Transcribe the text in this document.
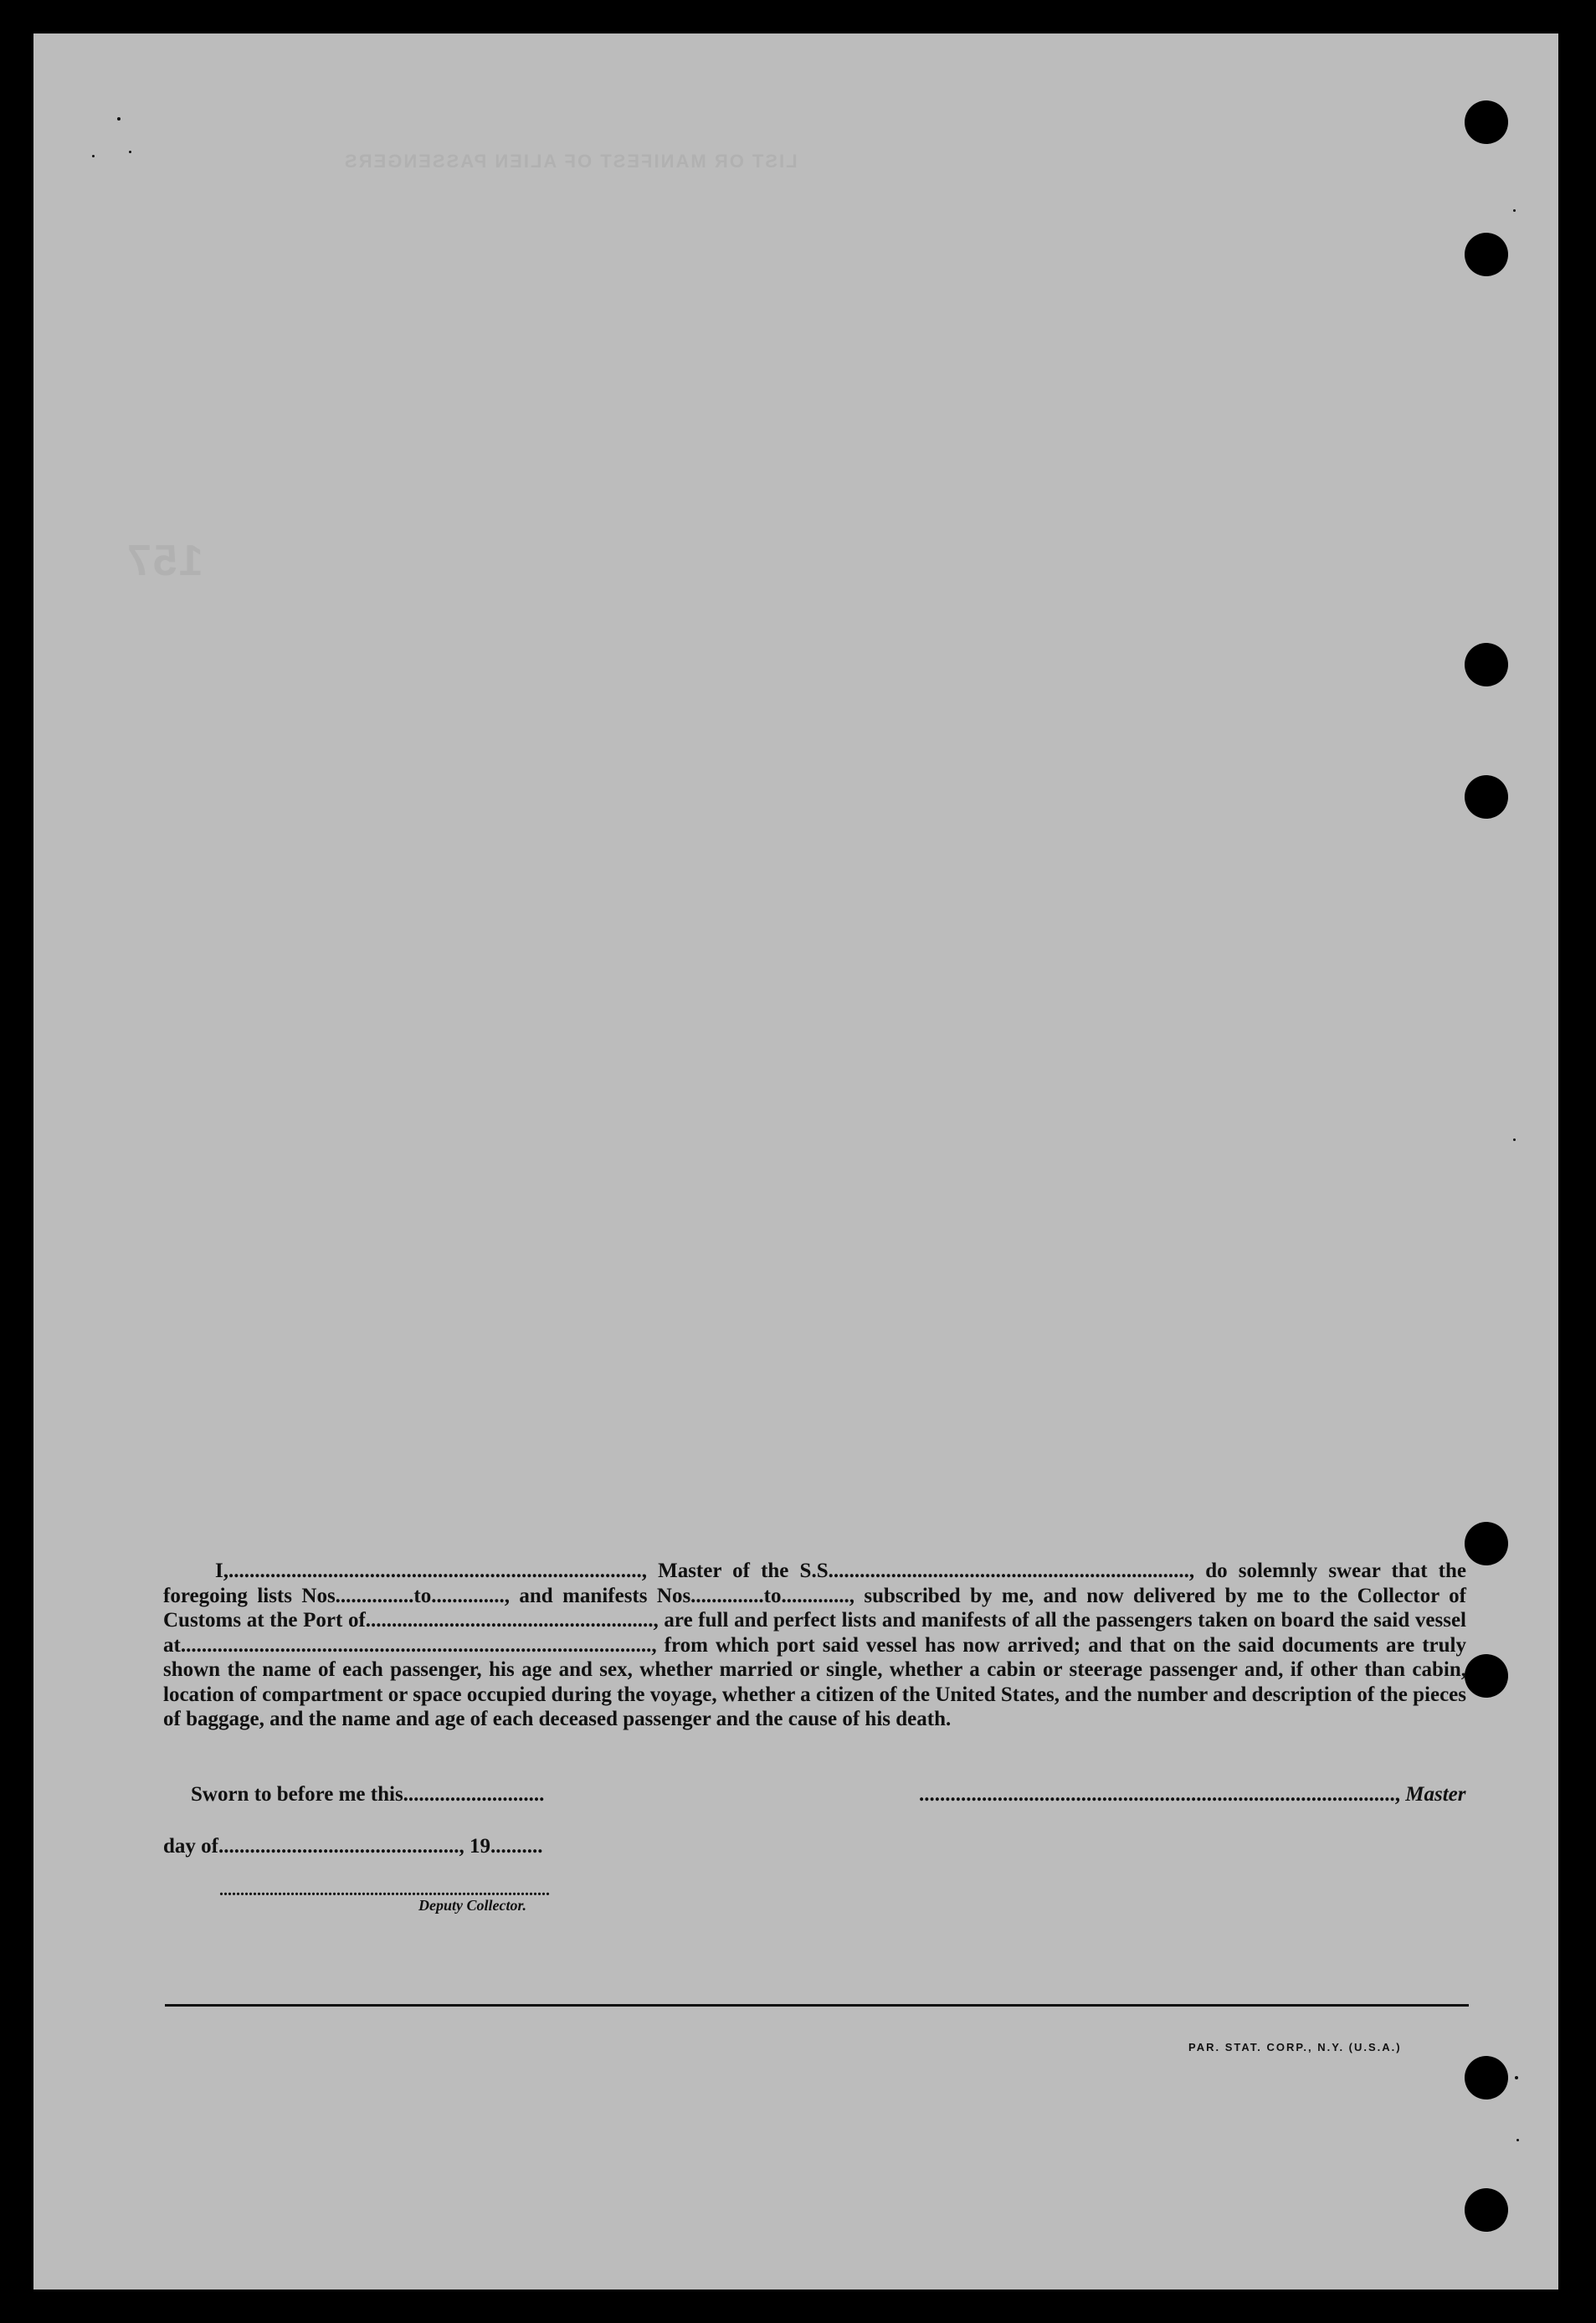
LIST OR MANIFEST OF ALIEN PASSENGERS
157

I,..............................................................................., Master of the S.S....................................................................., do solemnly swear that the foregoing lists Nos...............to.............., and manifests Nos..............to............., subscribed by me, and now delivered by me to the Collector of Customs at the Port of......................................................., are full and perfect lists and manifests of all the passengers taken on board the said vessel at.........................................................................................., from which port said vessel has now arrived; and that on the said documents are truly shown the name of each passenger, his age and sex, whether married or single, whether a cabin or steerage passenger and, if other than cabin, location of compartment or space occupied during the voyage, whether a citizen of the United States, and the number and description of the pieces of baggage, and the name and age of each deceased passenger and the cause of his death.

Sworn to before me this...........................	..........................................................................................., Master
day of.............................................., 19..........
...............................................................................
Deputy Collector.
PAR. STAT. CORP., N.Y. (U.S.A.)
